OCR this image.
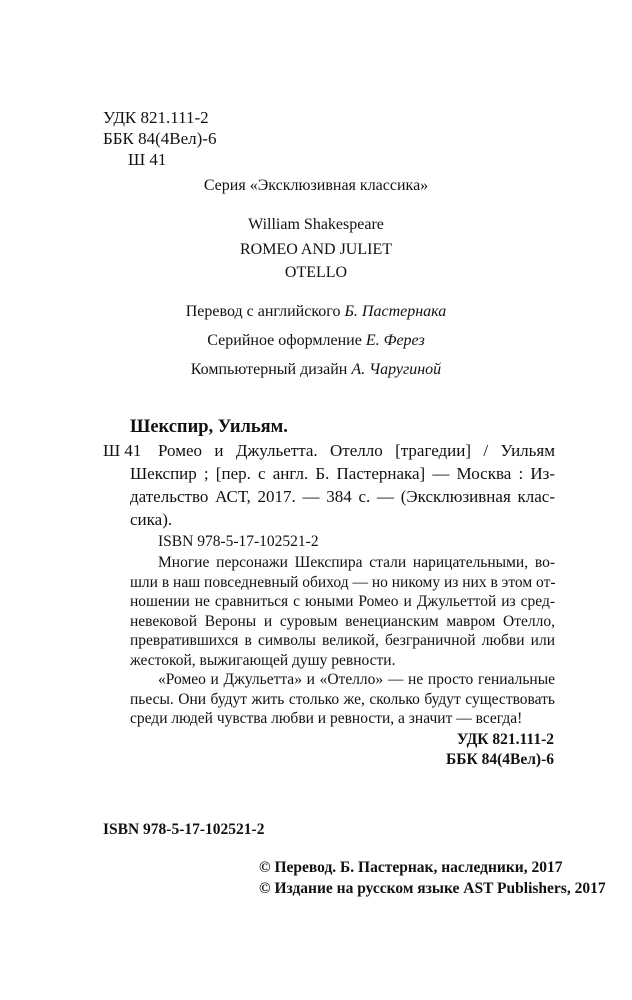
УДК 821.111-2
ББК 84(4Вел)-6
Ш 41
Серия «Эксклюзивная классика»
William Shakespeare
ROMEO AND JULIET
OTELLO
Перевод с английского Б. Пастернака
Серийное оформление Е. Ферез
Компьютерный дизайн А. Чаругиной
Шекспир, Уильям.
Ш 41 Ромео и Джульетта. Отелло [трагедии] / Уильям
Шекспир ; [пер. с англ. Б. Пастернака] — Москва : Из-
дательство АСТ, 2017. — 384 с. — (Эксклюзивная клас-
сика).
ISBN 978-5-17-102521-2
Многие персонажи Шекспира стали нарицательными, во-
шли в наш повседневный обиход — но никому из них в этом от-
ношении не сравниться с юными Ромео и Джульеттой из сред-
невековой Вероны и суровым венецианским мавром Отелло,
превратившихся в символы великой, безграничной любви или
жестокой, выжигающей душу ревности.
«Ромео и Джульетта» и «Отелло» — не просто гениальные
пьесы. Они будут жить столько же, сколько будут существовать
среди людей чувства любви и ревности, а значит — всегда!
УДК 821.111-2
ББК 84(4Вел)-6
ISBN 978-5-17-102521-2
© Перевод. Б. Пастернак, наследники, 2017
© Издание на русском языке AST Publishers, 2017
